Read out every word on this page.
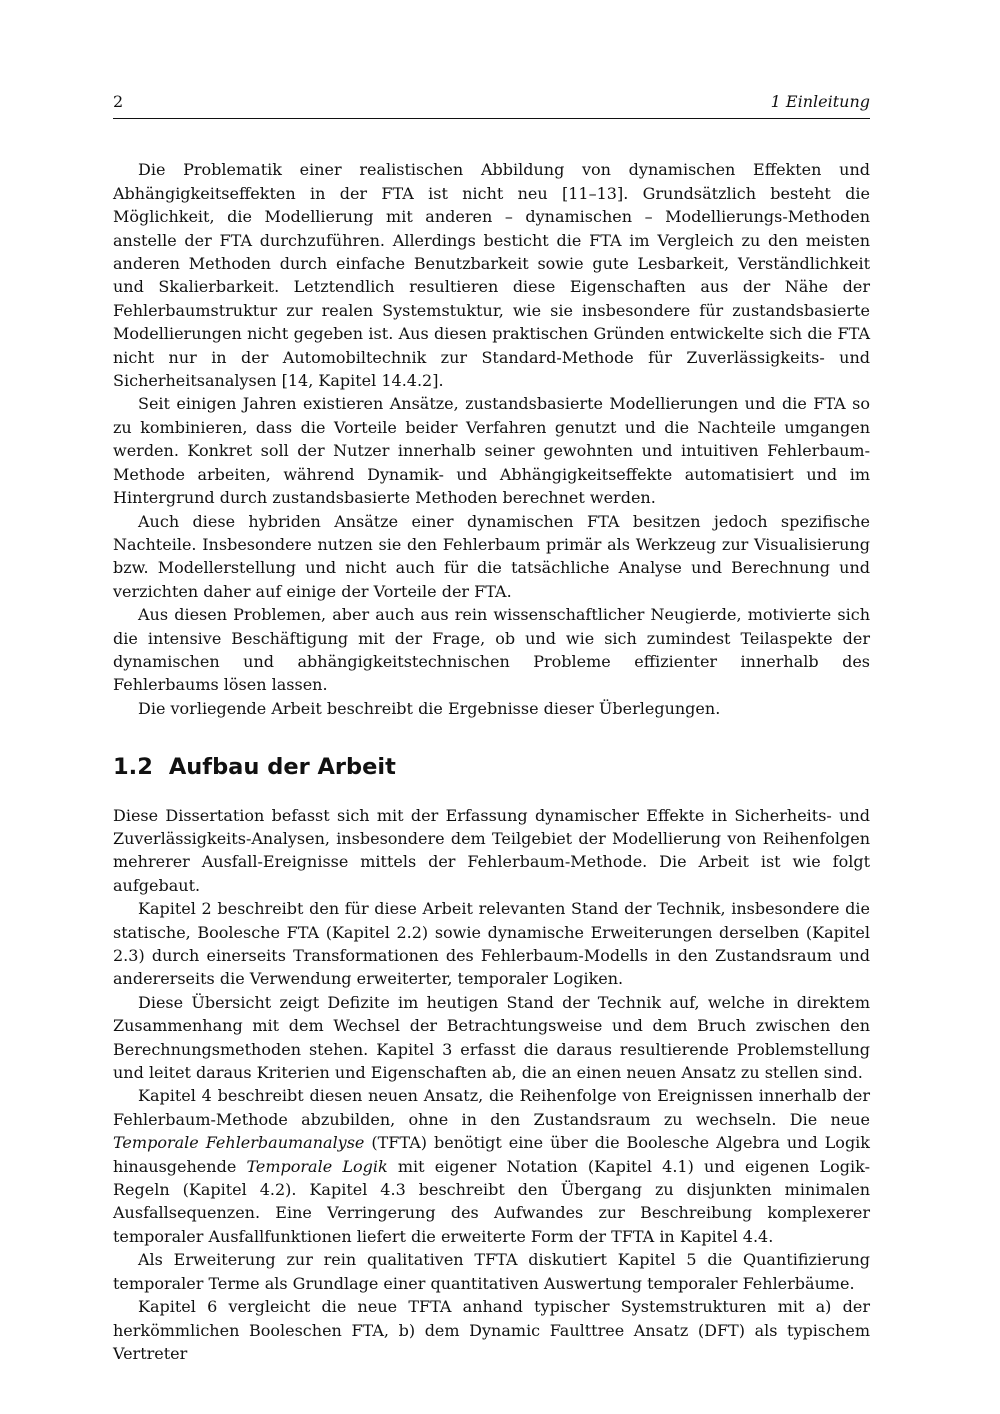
2	1 Einleitung

Die Problematik einer realistischen Abbildung von dynamischen Effekten und Abhängigkeitseffekten in der FTA ist nicht neu [11–13]. Grundsätzlich besteht die Möglichkeit, die Modellierung mit anderen – dynamischen – Modellierungs-Methoden anstelle der FTA durchzuführen. Allerdings besticht die FTA im Vergleich zu den meisten anderen Methoden durch einfache Benutzbarkeit sowie gute Lesbarkeit, Verständlichkeit und Skalierbarkeit. Letztendlich resultieren diese Eigenschaften aus der Nähe der Fehlerbaumstruktur zur realen Systemstuktur, wie sie insbesondere für zustandsbasierte Modellierungen nicht gegeben ist. Aus diesen praktischen Gründen entwickelte sich die FTA nicht nur in der Automobiltechnik zur Standard-Methode für Zuverlässigkeits- und Sicherheitsanalysen [14, Kapitel 14.4.2].

Seit einigen Jahren existieren Ansätze, zustandsbasierte Modellierungen und die FTA so zu kombinieren, dass die Vorteile beider Verfahren genutzt und die Nachteile umgangen werden. Konkret soll der Nutzer innerhalb seiner gewohnten und intuitiven Fehlerbaum-Methode arbeiten, während Dynamik- und Abhängigkeitseffekte automatisiert und im Hintergrund durch zustandsbasierte Methoden berechnet werden.

Auch diese hybriden Ansätze einer dynamischen FTA besitzen jedoch spezifische Nachteile. Insbesondere nutzen sie den Fehlerbaum primär als Werkzeug zur Visualisierung bzw. Modellerstellung und nicht auch für die tatsächliche Analyse und Berechnung und verzichten daher auf einige der Vorteile der FTA.

Aus diesen Problemen, aber auch aus rein wissenschaftlicher Neugierde, motivierte sich die intensive Beschäftigung mit der Frage, ob und wie sich zumindest Teilaspekte der dynamischen und abhängigkeitstechnischen Probleme effizienter innerhalb des Fehlerbaums lösen lassen.

Die vorliegende Arbeit beschreibt die Ergebnisse dieser Überlegungen.

1.2 Aufbau der Arbeit

Diese Dissertation befasst sich mit der Erfassung dynamischer Effekte in Sicherheits- und Zuverlässigkeits-Analysen, insbesondere dem Teilgebiet der Modellierung von Reihenfolgen mehrerer Ausfall-Ereignisse mittels der Fehlerbaum-Methode. Die Arbeit ist wie folgt aufgebaut.

Kapitel 2 beschreibt den für diese Arbeit relevanten Stand der Technik, insbesondere die statische, Boolesche FTA (Kapitel 2.2) sowie dynamische Erweiterungen derselben (Kapitel 2.3) durch einerseits Transformationen des Fehlerbaum-Modells in den Zustandsraum und andererseits die Verwendung erweiterter, temporaler Logiken.

Diese Übersicht zeigt Defizite im heutigen Stand der Technik auf, welche in direktem Zusammenhang mit dem Wechsel der Betrachtungsweise und dem Bruch zwischen den Berechnungsmethoden stehen. Kapitel 3 erfasst die daraus resultierende Problemstellung und leitet daraus Kriterien und Eigenschaften ab, die an einen neuen Ansatz zu stellen sind.

Kapitel 4 beschreibt diesen neuen Ansatz, die Reihenfolge von Ereignissen innerhalb der Fehlerbaum-Methode abzubilden, ohne in den Zustandsraum zu wechseln. Die neue Temporale Fehlerbaumanalyse (TFTA) benötigt eine über die Boolesche Algebra und Logik hinausgehende Temporale Logik mit eigener Notation (Kapitel 4.1) und eigenen Logik-Regeln (Kapitel 4.2). Kapitel 4.3 beschreibt den Übergang zu disjunkten minimalen Ausfallsequenzen. Eine Verringerung des Aufwandes zur Beschreibung komplexerer temporaler Ausfallfunktionen liefert die erweiterte Form der TFTA in Kapitel 4.4.

Als Erweiterung zur rein qualitativen TFTA diskutiert Kapitel 5 die Quantifizierung temporaler Terme als Grundlage einer quantitativen Auswertung temporaler Fehlerbäume.

Kapitel 6 vergleicht die neue TFTA anhand typischer Systemstrukturen mit a) der herkömmlichen Booleschen FTA, b) dem Dynamic Faulttree Ansatz (DFT) als typischem Vertreter
